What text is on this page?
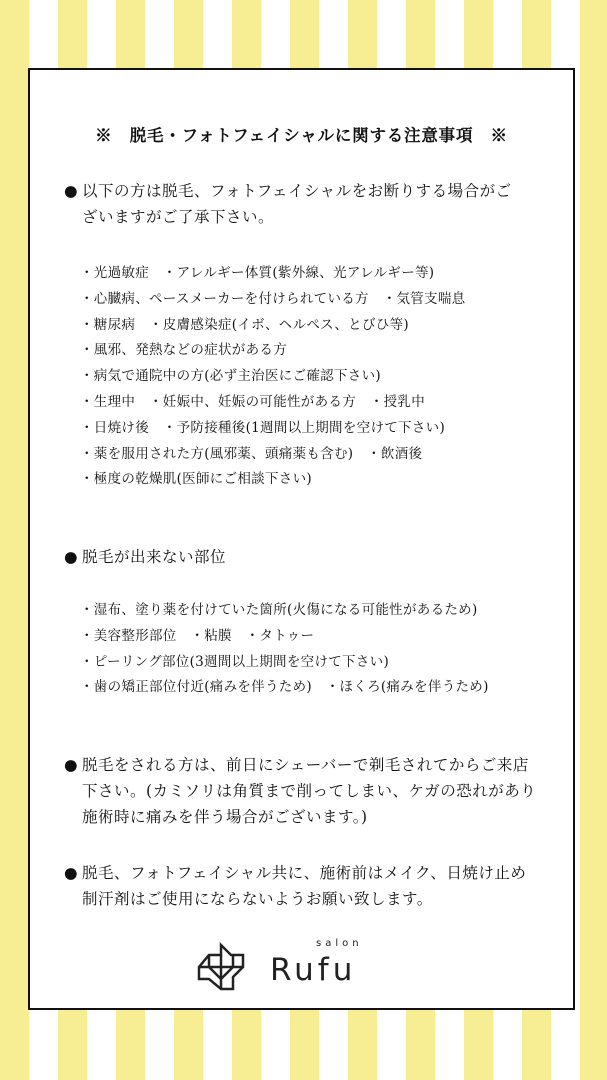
※　脱毛・フォトフェイシャルに関する注意事項　※
● 以下の方は脱毛、フォトフェイシャルをお断りする場合がご
ざいますがご了承下さい。
・光過敏症　・アレルギー体質(紫外線、光アレルギー等)
・心臓病、ペースメーカーを付けられている方　・気管支喘息
・糖尿病　・皮膚感染症(イボ、ヘルペス、とびひ等)
・風邪、発熱などの症状がある方
・病気で通院中の方(必ず主治医にご確認下さい)
・生理中　・妊娠中、妊娠の可能性がある方　・授乳中
・日焼け後　・予防接種後(1週間以上期間を空けて下さい)
・薬を服用された方(風邪薬、頭痛薬も含む)　・飲酒後
・極度の乾燥肌(医師にご相談下さい)
● 脱毛が出来ない部位
・湿布、塗り薬を付けていた箇所(火傷になる可能性があるため)
・美容整形部位　・粘膜　・タトゥー
・ピーリング部位(3週間以上期間を空けて下さい)
・歯の矯正部位付近(痛みを伴うため)　・ほくろ(痛みを伴うため)
● 脱毛をされる方は、前日にシェーバーで剃毛されてからご来店
下さい。(カミソリは角質まで削ってしまい、ケガの恐れがあり
施術時に痛みを伴う場合がございます。)
● 脱毛、フォトフェイシャル共に、施術前はメイク、日焼け止め
制汗剤はご使用にならないようお願い致します。
salon
Rufu
